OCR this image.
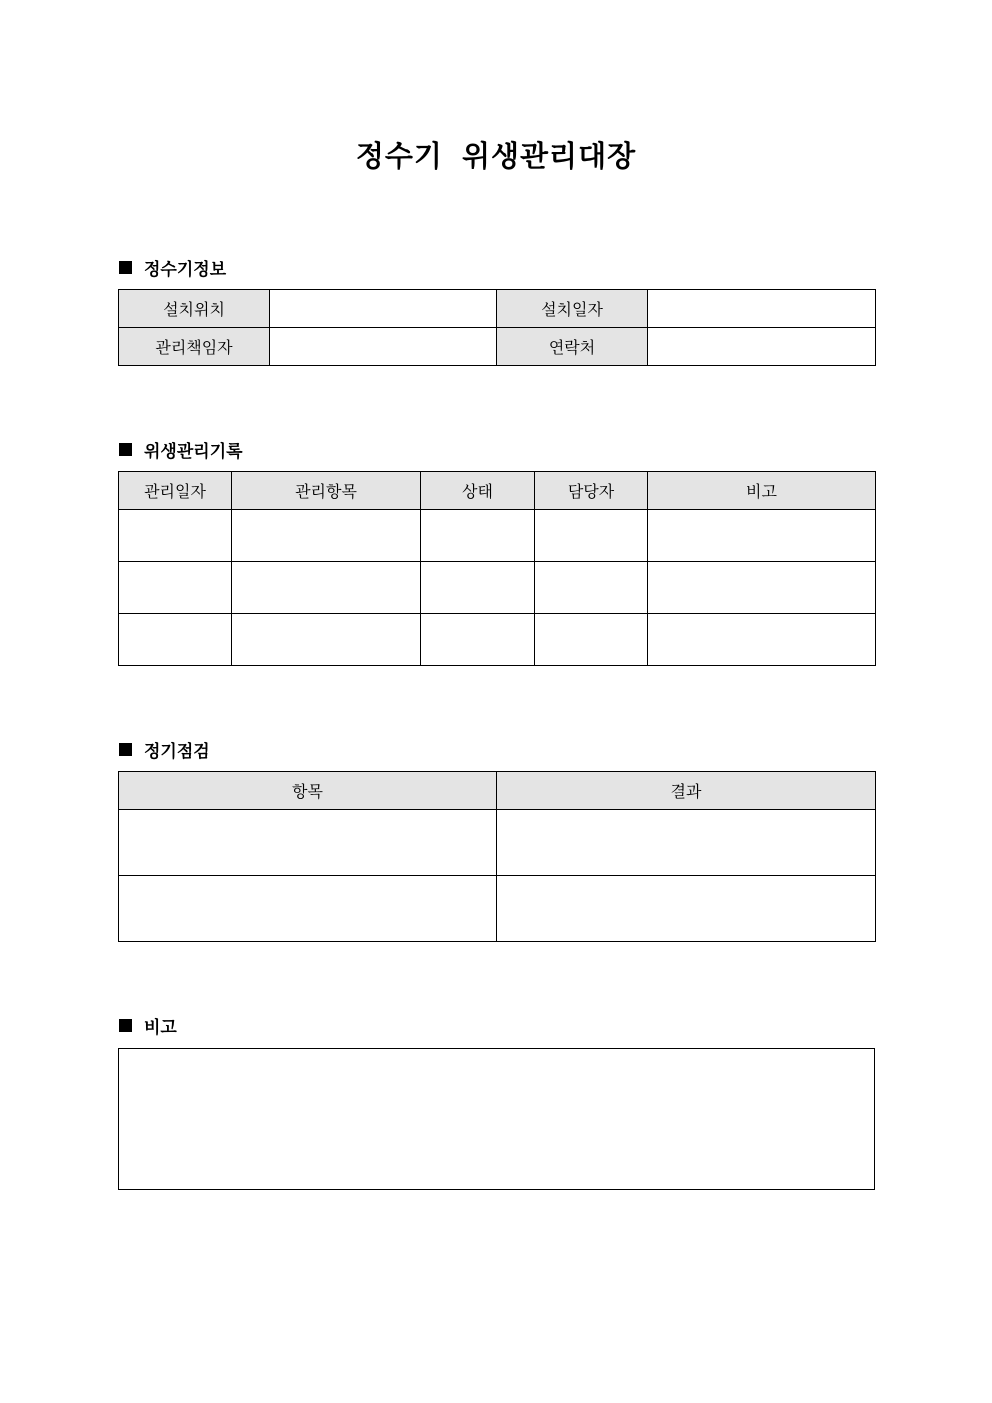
정수기 위생관리대장
정수기정보
설치위치		설치일자	
관리책임자		연락처	
위생관리기록
관리일자	관리항목	상태	담당자	비고

정기점검
항목	결과

비고
